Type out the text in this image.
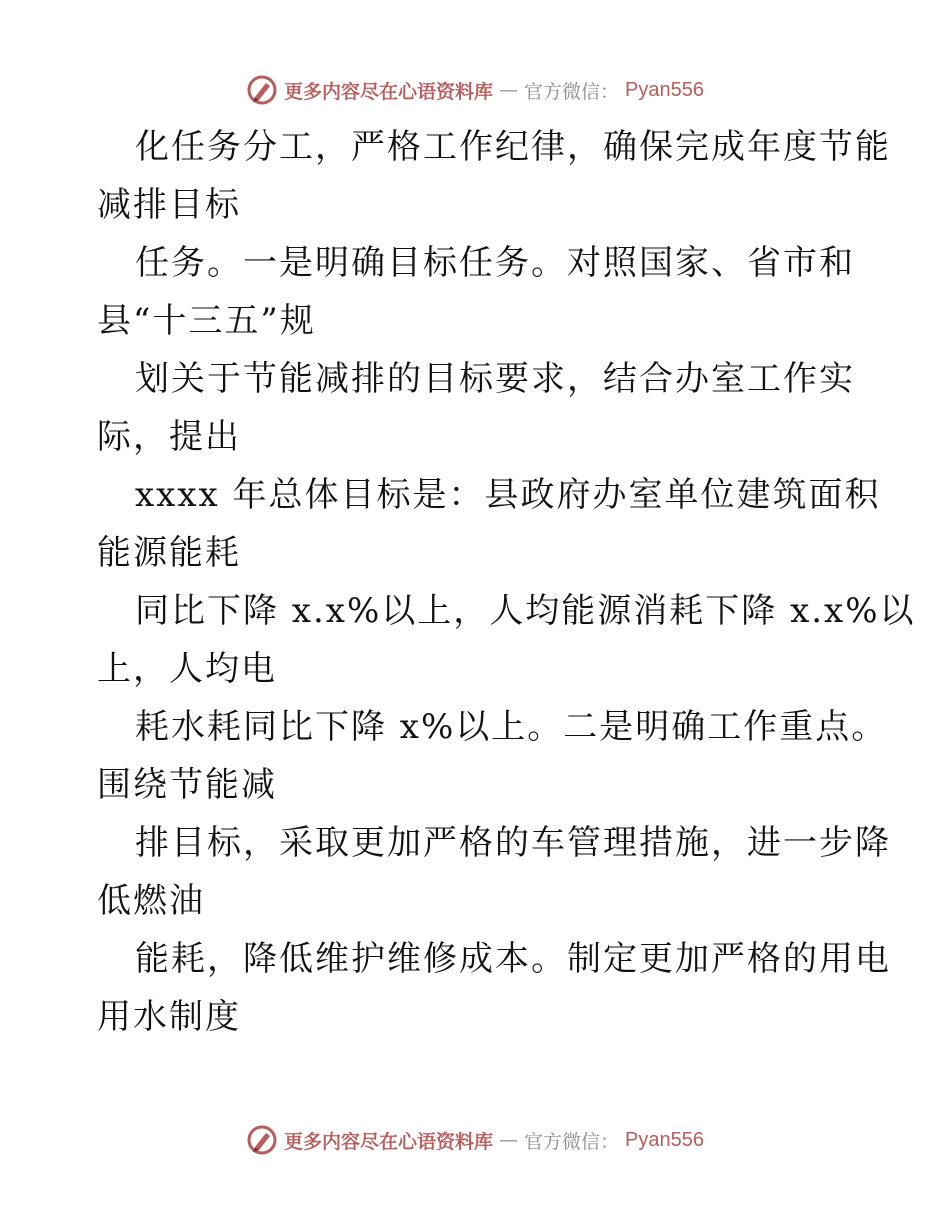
更多内容尽在心语资料库 — 官方微信： Pyan556

化任务分工，严格工作纪律，确保完成年度节能
减排目标

任务。一是明确目标任务。对照国家、省市和
县“十三五”规

划关于节能减排的目标要求，结合办室工作实
际，提出

xxxx 年总体目标是：县政府办室单位建筑面积
能源能耗

同比下降 x.x%以上，人均能源消耗下降 x.x%以
上，人均电

耗水耗同比下降 x%以上。二是明确工作重点。
围绕节能减

排目标，采取更加严格的车管理措施，进一步降
低燃油

能耗，降低维护维修成本。制定更加严格的用电
用水制度

更多内容尽在心语资料库 — 官方微信： Pyan556
